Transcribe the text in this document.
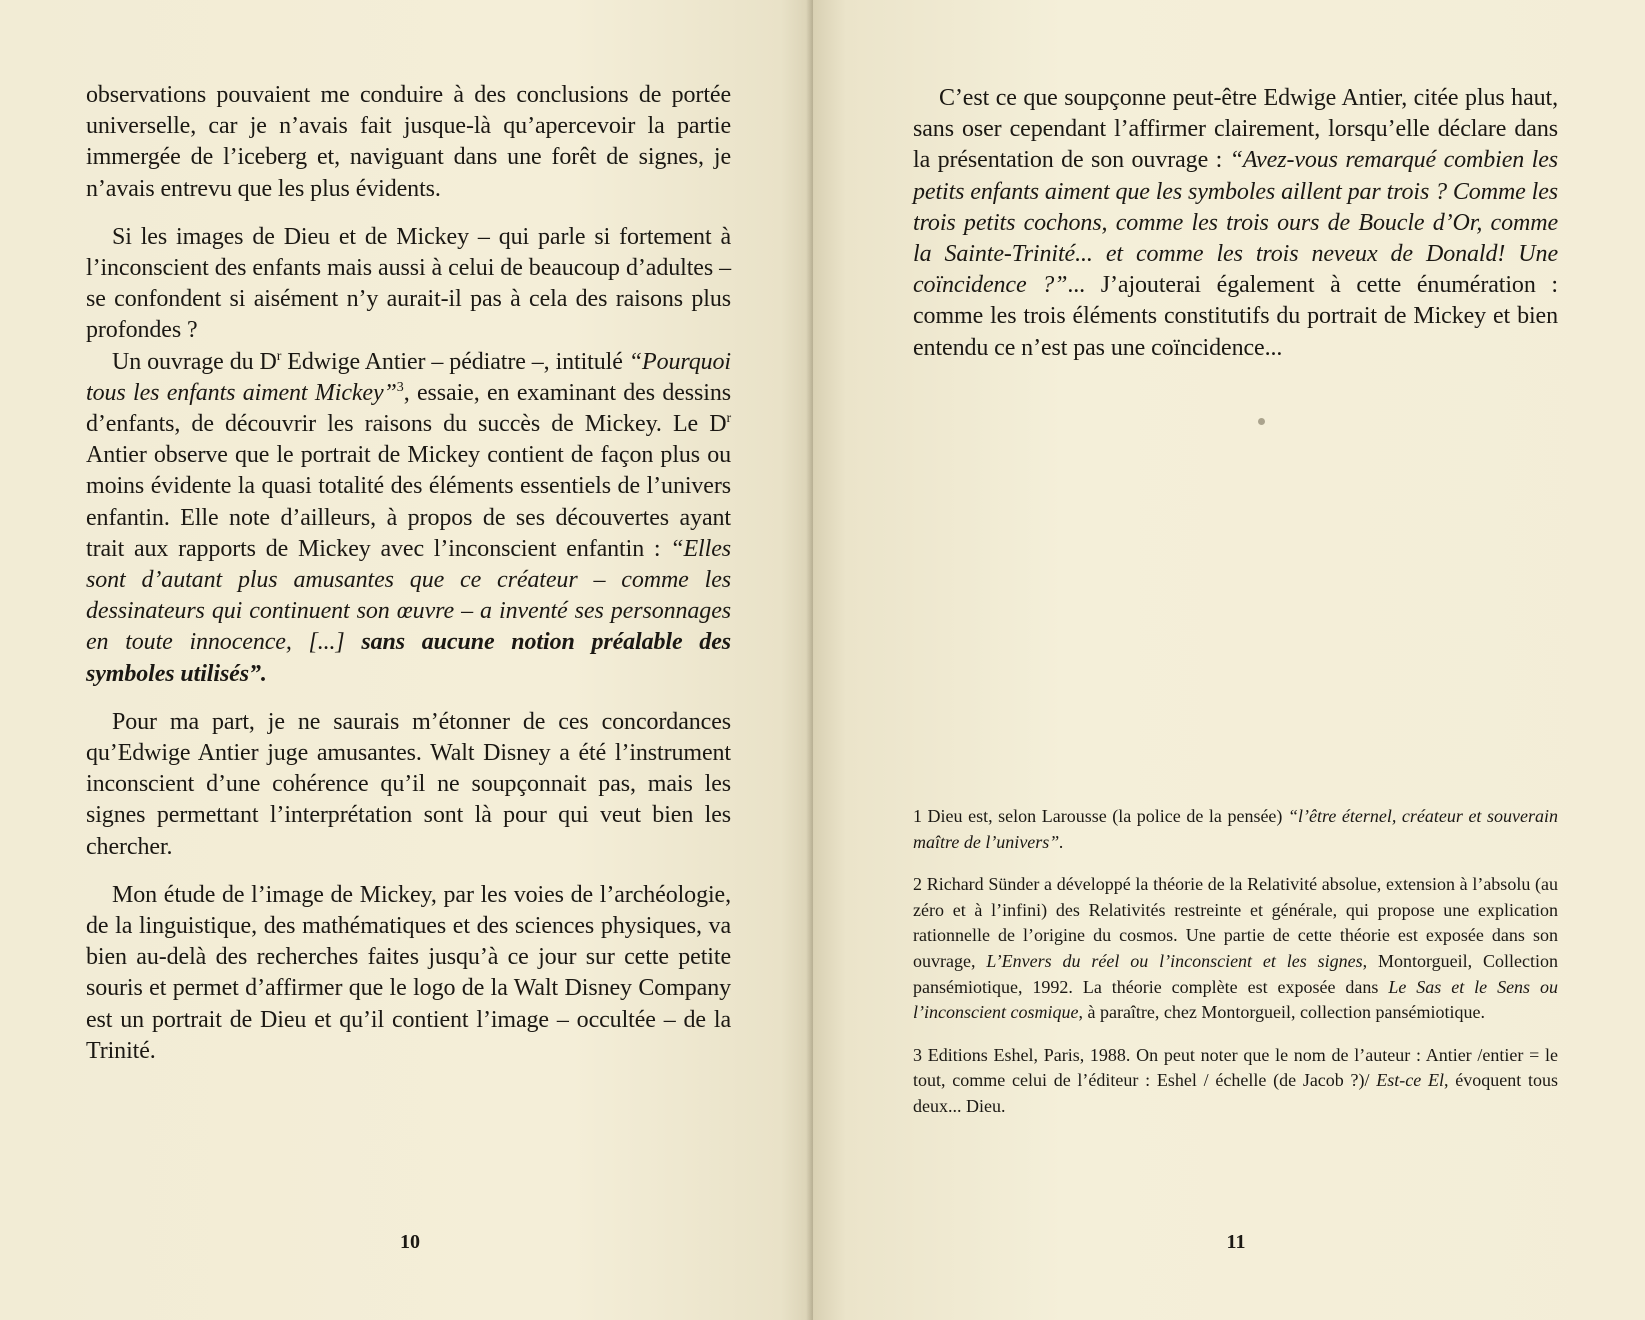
observations pouvaient me conduire à des conclusions de portée universelle, car je n’avais fait jusque-là qu’apercevoir la partie immergée de l’iceberg et, naviguant dans une forêt de signes, je n’avais entrevu que les plus évidents.

Si les images de Dieu et de Mickey – qui parle si fortement à l’inconscient des enfants mais aussi à celui de beaucoup d’adultes – se confondent si aisément n’y aurait-il pas à cela des raisons plus profondes ?

Un ouvrage du $D^r$ Edwige Antier – pédiatre –, intitulé “Pourquoi tous les enfants aiment Mickey”$^3$, essaie, en examinant des dessins d’enfants, de découvrir les raisons du succès de Mickey. Le $D^r$ Antier observe que le portrait de Mickey contient de façon plus ou moins évidente la quasi totalité des éléments essentiels de l’univers enfantin. Elle note d’ailleurs, à propos de ses découvertes ayant trait aux rapports de Mickey avec l’inconscient enfantin : “Elles sont d’autant plus amusantes que ce créateur – comme les dessinateurs qui continuent son œuvre – a inventé ses personnages en toute innocence, [...] sans aucune notion préalable des symboles utilisés”.

Pour ma part, je ne saurais m’étonner de ces concordances qu’Edwige Antier juge amusantes. Walt Disney a été l’instrument inconscient d’une cohérence qu’il ne soupçonnait pas, mais les signes permettant l’interprétation sont là pour qui veut bien les chercher.

Mon étude de l’image de Mickey, par les voies de l’archéologie, de la linguistique, des mathématiques et des sciences physiques, va bien au-delà des recherches faites jusqu’à ce jour sur cette petite souris et permet d’affirmer que le logo de la Walt Disney Company est un portrait de Dieu et qu’il contient l’image – occultée – de la Trinité.

10

C’est ce que soupçonne peut-être Edwige Antier, citée plus haut, sans oser cependant l’affirmer clairement, lorsqu’elle déclare dans la présentation de son ouvrage : “Avez-vous remarqué combien les petits enfants aiment que les symboles aillent par trois ? Comme les trois petits cochons, comme les trois ours de Boucle d’Or, comme la Sainte-Trinité... et comme les trois neveux de Donald! Une coïncidence ?”... J’ajouterai également à cette énumération : comme les trois éléments constitutifs du portrait de Mickey et bien entendu ce n’est pas une coïncidence...

1 Dieu est, selon Larousse (la police de la pensée) “l’être éternel, créateur et souverain maître de l’univers”.

2 Richard Sünder a développé la théorie de la Relativité absolue, extension à l’absolu (au zéro et à l’infini) des Relativités restreinte et générale, qui propose une explication rationnelle de l’origine du cosmos. Une partie de cette théorie est exposée dans son ouvrage, L’Envers du réel ou l’inconscient et les signes, Montorgueil, Collection pansémiotique, 1992. La théorie complète est exposée dans Le Sas et le Sens ou l’inconscient cosmique, à paraître, chez Montorgueil, collection pansémiotique.

3 Editions Eshel, Paris, 1988. On peut noter que le nom de l’auteur : Antier /entier = le tout, comme celui de l’éditeur : Eshel / échelle (de Jacob ?)/ Est-ce El, évoquent tous deux... Dieu.

11
